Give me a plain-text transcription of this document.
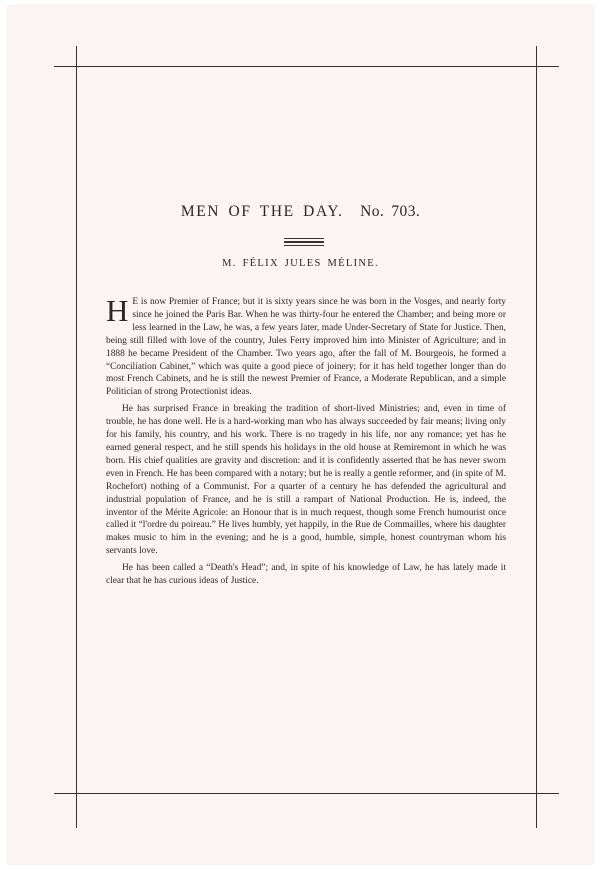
MEN OF THE DAY. No. 703.
M. FÉLIX JULES MÉLINE.

H E is now Premier of France; but it is sixty years since he was born in the Vosges, and nearly forty since he joined the Paris Bar. When he was thirty-four he entered the Chamber; and being more or less learned in the Law, he was, a few years later, made Under-Secretary of State for Justice. Then, being still filled with love of the country, Jules Ferry improved him into Minister of Agriculture; and in 1888 he became President of the Chamber. Two years ago, after the fall of M. Bourgeois, he formed a “Conciliation Cabinet,” which was quite a good piece of joinery; for it has held together longer than do most French Cabinets, and he is still the newest Premier of France, a Moderate Republican, and a simple Politician of strong Protectionist ideas.

He has surprised France in breaking the tradition of short-lived Ministries; and, even in time of trouble, he has done well. He is a hard-working man who has always succeeded by fair means; living only for his family, his country, and his work. There is no tragedy in his life, nor any romance; yet has he earned general respect, and he still spends his holidays in the old house at Remiremont in which he was born. His chief qualities are gravity and discretion: and it is confidently asserted that he has never sworn even in French. He has been compared with a notary; but he is really a gentle reformer, and (in spite of M. Rochefort) nothing of a Communist. For a quarter of a century he has defended the agricultural and industrial population of France, and he is still a rampart of National Production. He is, indeed, the inventor of the Mérite Agricole: an Honour that is in much request, though some French humourist once called it “l'ordre du poireau.” He lives humbly, yet happily, in the Rue de Commailles, where his daughter makes music to him in the evening; and he is a good, humble, simple, honest countryman whom his servants love.

He has been called a “Death's Head”; and, in spite of his knowledge of Law, he has lately made it clear that he has curious ideas of Justice.
